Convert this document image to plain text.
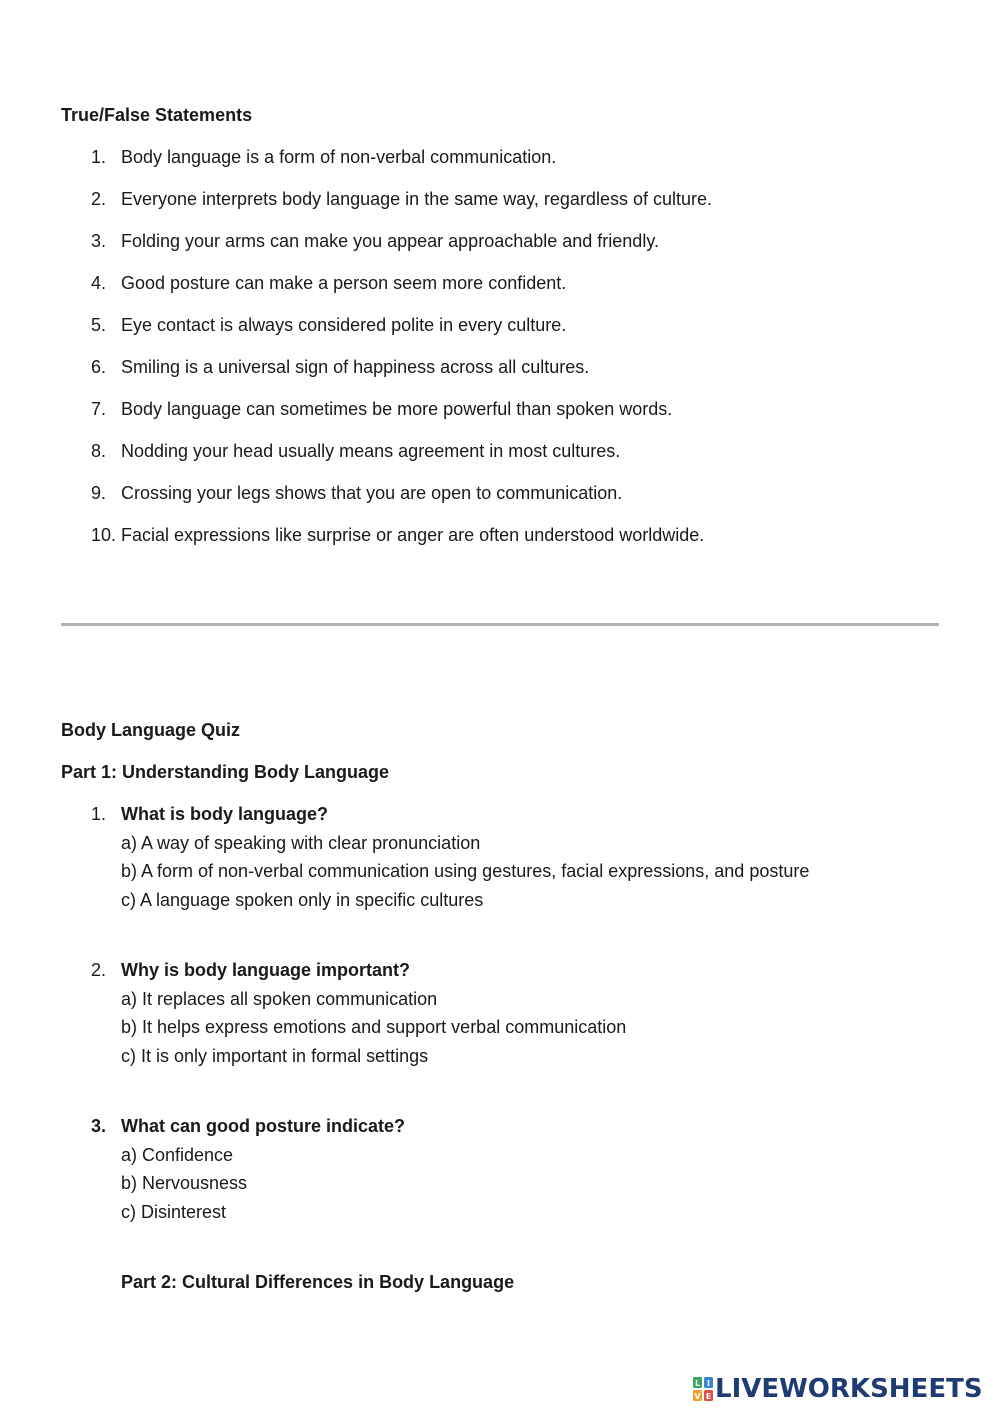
True/False Statements
1. Body language is a form of non-verbal communication.
2. Everyone interprets body language in the same way, regardless of culture.
3. Folding your arms can make you appear approachable and friendly.
4. Good posture can make a person seem more confident.
5. Eye contact is always considered polite in every culture.
6. Smiling is a universal sign of happiness across all cultures.
7. Body language can sometimes be more powerful than spoken words.
8. Nodding your head usually means agreement in most cultures.
9. Crossing your legs shows that you are open to communication.
10. Facial expressions like surprise or anger are often understood worldwide.
Body Language Quiz
Part 1: Understanding Body Language
1. What is body language?
a) A way of speaking with clear pronunciation
b) A form of non-verbal communication using gestures, facial expressions, and posture
c) A language spoken only in specific cultures
2. Why is body language important?
a) It replaces all spoken communication
b) It helps express emotions and support verbal communication
c) It is only important in formal settings
3. What can good posture indicate?
a) Confidence
b) Nervousness
c) Disinterest
Part 2: Cultural Differences in Body Language
L I
V E LIVEWORKSHEETS
